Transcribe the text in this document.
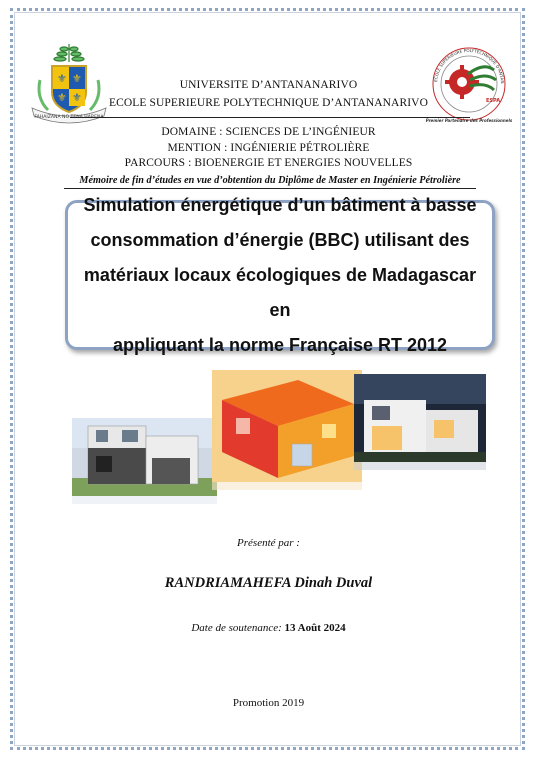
⚜ ⚜
⚜ ⚜
FAHAIZANA NO TENA HARENA
ECOLE SUPERIEURE POLYTECHNIQUE D'ANTAN
ESPA
Premier Partenaire des Professionnels
UNIVERSITE D’ANTANANARIVO
ECOLE SUPERIEURE POLYTECHNIQUE D’ANTANANARIVO
DOMAINE : SCIENCES DE L’INGÉNIEUR
MENTION : INGÉNIERIE PÉTROLIÈRE
PARCOURS : BIOENERGIE ET ENERGIES NOUVELLES
Mémoire de fin d’études en vue d’obtention du Diplôme de Master en Ingénierie Pétrolière
Simulation énergétique d’un bâtiment à basse
consommation d’énergie (BBC) utilisant des
matériaux locaux écologiques de Madagascar en
appliquant la norme Française RT 2012
Présenté par :
RANDRIAMAHEFA Dinah Duval
Date de soutenance: 13 Août 2024
Promotion 2019
